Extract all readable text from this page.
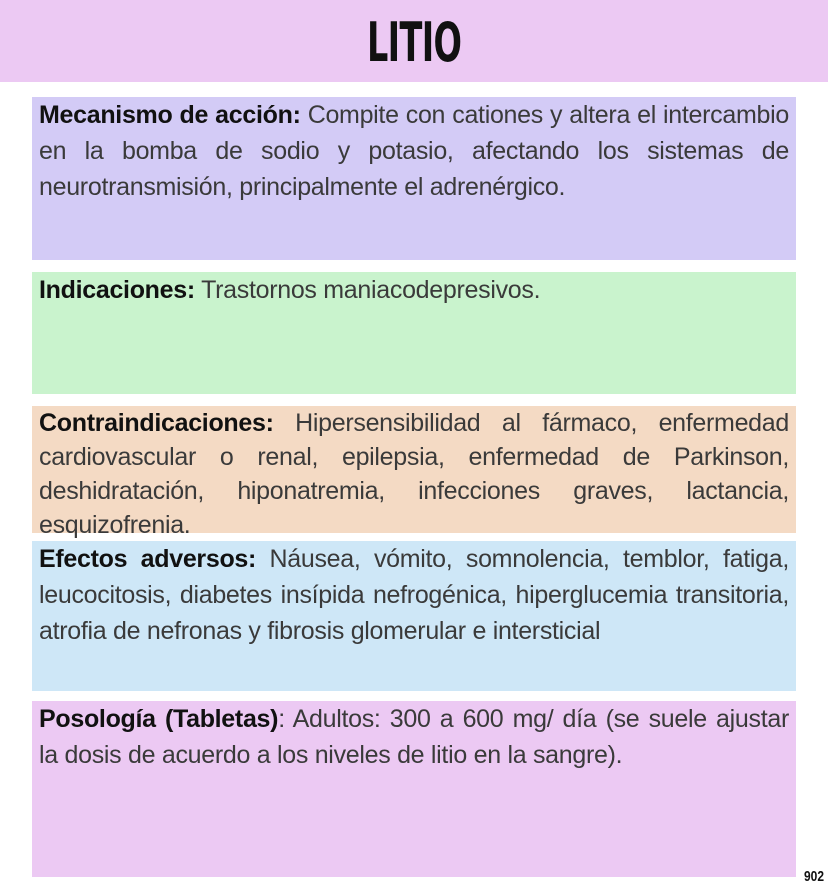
LITIO
Mecanismo de acción: Compite con cationes y altera el intercambio en la bomba de sodio y potasio, afectando los sistemas de neurotransmisión, principalmente el adrenérgico.
Indicaciones: Trastornos maniacodepresivos.
Contraindicaciones: Hipersensibilidad al fármaco, enfermedad cardiovascular o renal, epilepsia, enfermedad de Parkinson, deshidratación, hiponatremia, infecciones graves, lactancia, esquizofrenia.
Efectos adversos: Náusea, vómito, somnolencia, temblor, fatiga, leucocitosis, diabetes insípida nefrogénica, hiperglucemia transitoria, atrofia de nefronas y fibrosis glomerular e intersticial
Posología (Tabletas): Adultos: 300 a 600 mg/ día (se suele ajustar la dosis de acuerdo a los niveles de litio en la sangre).
902
